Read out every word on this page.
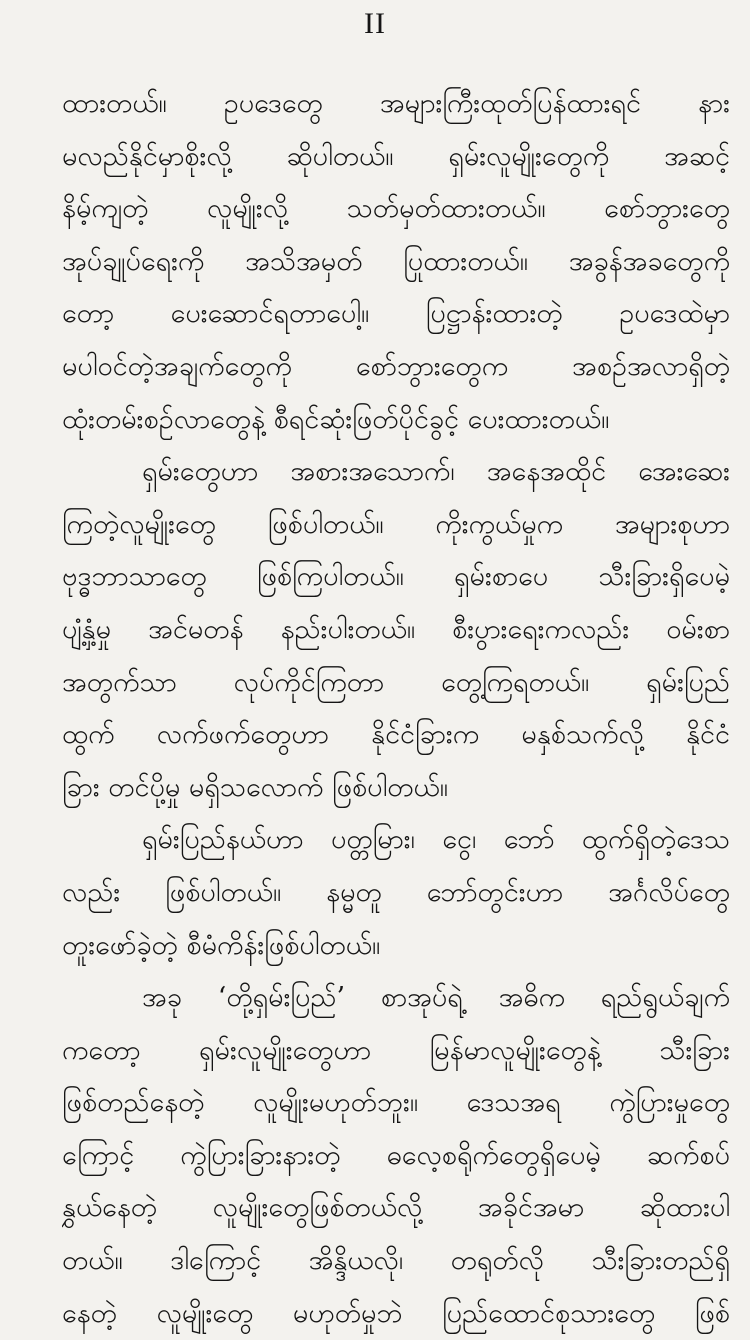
II
ထားတယ်။ ဥပဒေတွေ အများကြီးထုတ်ပြန်ထားရင် နား
မလည်နိုင်မှာစိုးလို့ ဆိုပါတယ်။ ရှမ်းလူမျိုးတွေကို အဆင့်
နိမ့်ကျတဲ့ လူမျိုးလို့ သတ်မှတ်ထားတယ်။ စော်ဘွားတွေ
အုပ်ချုပ်ရေးကို အသိအမှတ် ပြုထားတယ်။ အခွန်အခတွေကို
တော့ ပေးဆောင်ရတာပေါ့။ ပြဋ္ဌာန်းထားတဲ့ ဥပဒေထဲမှာ
မပါဝင်တဲ့အချက်တွေကို စော်ဘွားတွေက အစဉ်အလာရှိတဲ့
ထုံးတမ်းစဉ်လာတွေနဲ့ စီရင်ဆုံးဖြတ်ပိုင်ခွင့် ပေးထားတယ်။
ရှမ်းတွေဟာ အစားအသောက်၊ အနေအထိုင် အေးဆေး
ကြတဲ့လူမျိုးတွေ ဖြစ်ပါတယ်။ ကိုးကွယ်မှုက အများစုဟာ
ဗုဒ္ဓဘာသာတွေ ဖြစ်ကြပါတယ်။ ရှမ်းစာပေ သီးခြားရှိပေမဲ့
ပျံ့နှံ့မှု အင်မတန် နည်းပါးတယ်။ စီးပွားရေးကလည်း ဝမ်းစာ
အတွက်သာ လုပ်ကိုင်ကြတာ တွေ့ကြရတယ်။ ရှမ်းပြည်
ထွက် လက်ဖက်တွေဟာ နိုင်ငံခြားက မနှစ်သက်လို့ နိုင်ငံ
ခြား တင်ပို့မှု မရှိသလောက် ဖြစ်ပါတယ်။
ရှမ်းပြည်နယ်ဟာ ပတ္တမြား၊ ငွေ၊ ဘော် ထွက်ရှိတဲ့ဒေသ
လည်း ဖြစ်ပါတယ်။ နမ္မတူ ဘော်တွင်းဟာ အင်္ဂလိပ်တွေ
တူးဖော်ခဲ့တဲ့ စီမံကိန်းဖြစ်ပါတယ်။
အခု ‘တို့ရှမ်းပြည်’ စာအုပ်ရဲ့ အဓိက ရည်ရွယ်ချက်
ကတော့ ရှမ်းလူမျိုးတွေဟာ မြန်မာလူမျိုးတွေနဲ့ သီးခြား
ဖြစ်တည်နေတဲ့ လူမျိုးမဟုတ်ဘူး။ ဒေသအရ ကွဲပြားမှုတွေ
ကြောင့် ကွဲပြားခြားနားတဲ့ ဓလေ့စရိုက်တွေရှိပေမဲ့ ဆက်စပ်
နွှယ်နေတဲ့ လူမျိုးတွေဖြစ်တယ်လို့ အခိုင်အမာ ဆိုထားပါ
တယ်။ ဒါကြောင့် အိန္ဒိယလို၊ တရုတ်လို သီးခြားတည်ရှိ
နေတဲ့ လူမျိုးတွေ မဟုတ်မှုဘဲ ပြည်ထောင်စုသားတွေ ဖြစ်
